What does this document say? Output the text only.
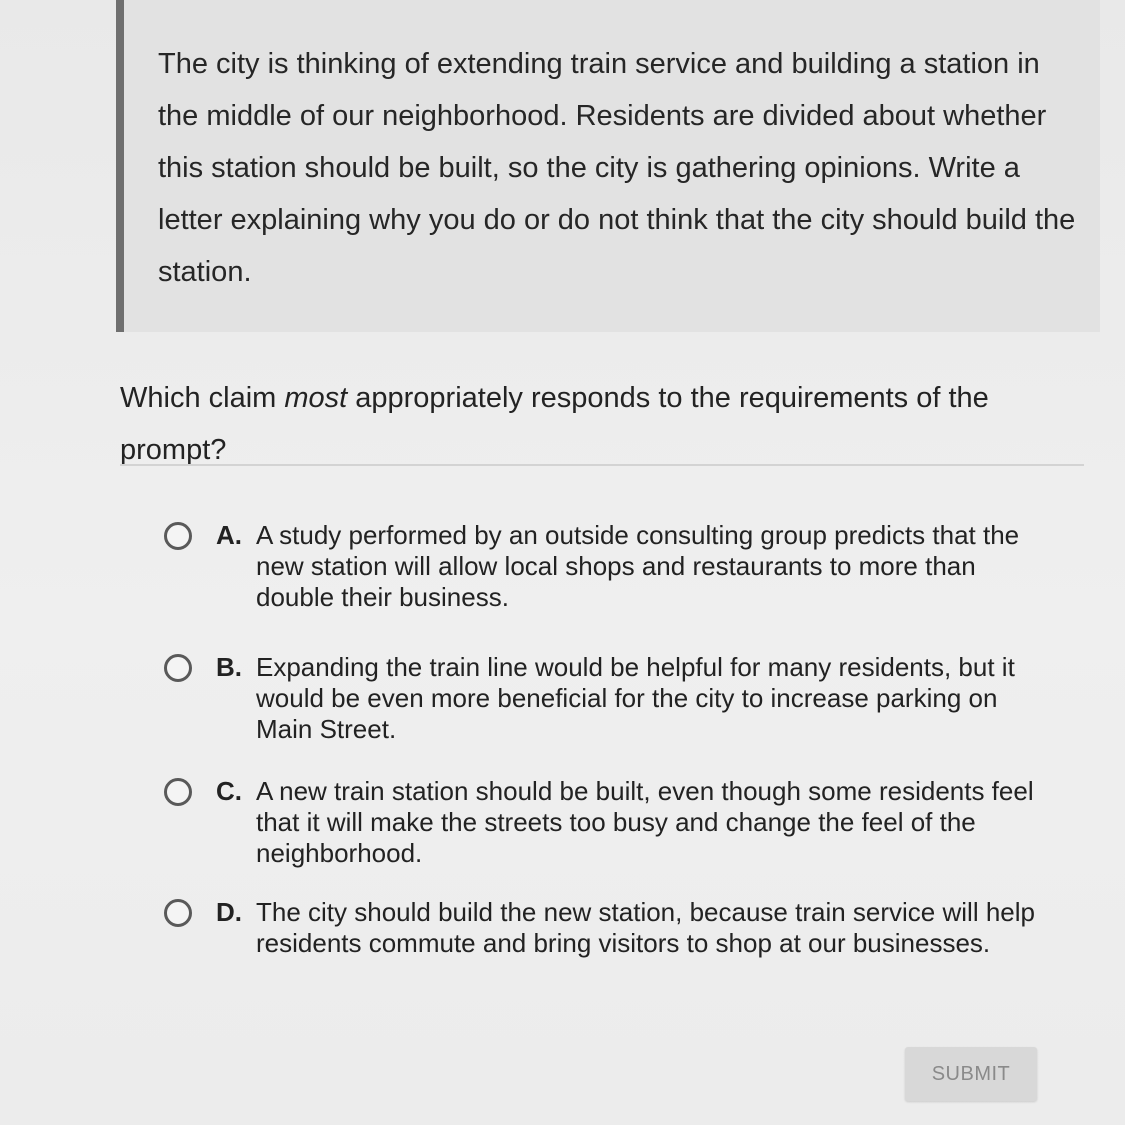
The city is thinking of extending train service and building a station in the middle of our neighborhood. Residents are divided about whether this station should be built, so the city is gathering opinions. Write a letter explaining why you do or do not think that the city should build the station.

Which claim most appropriately responds to the requirements of the prompt?

A. A study performed by an outside consulting group predicts that the new station will allow local shops and restaurants to more than double their business.
B. Expanding the train line would be helpful for many residents, but it would be even more beneficial for the city to increase parking on Main Street.
C. A new train station should be built, even though some residents feel that it will make the streets too busy and change the feel of the neighborhood.
D. The city should build the new station, because train service will help residents commute and bring visitors to shop at our businesses.
SUBMIT
